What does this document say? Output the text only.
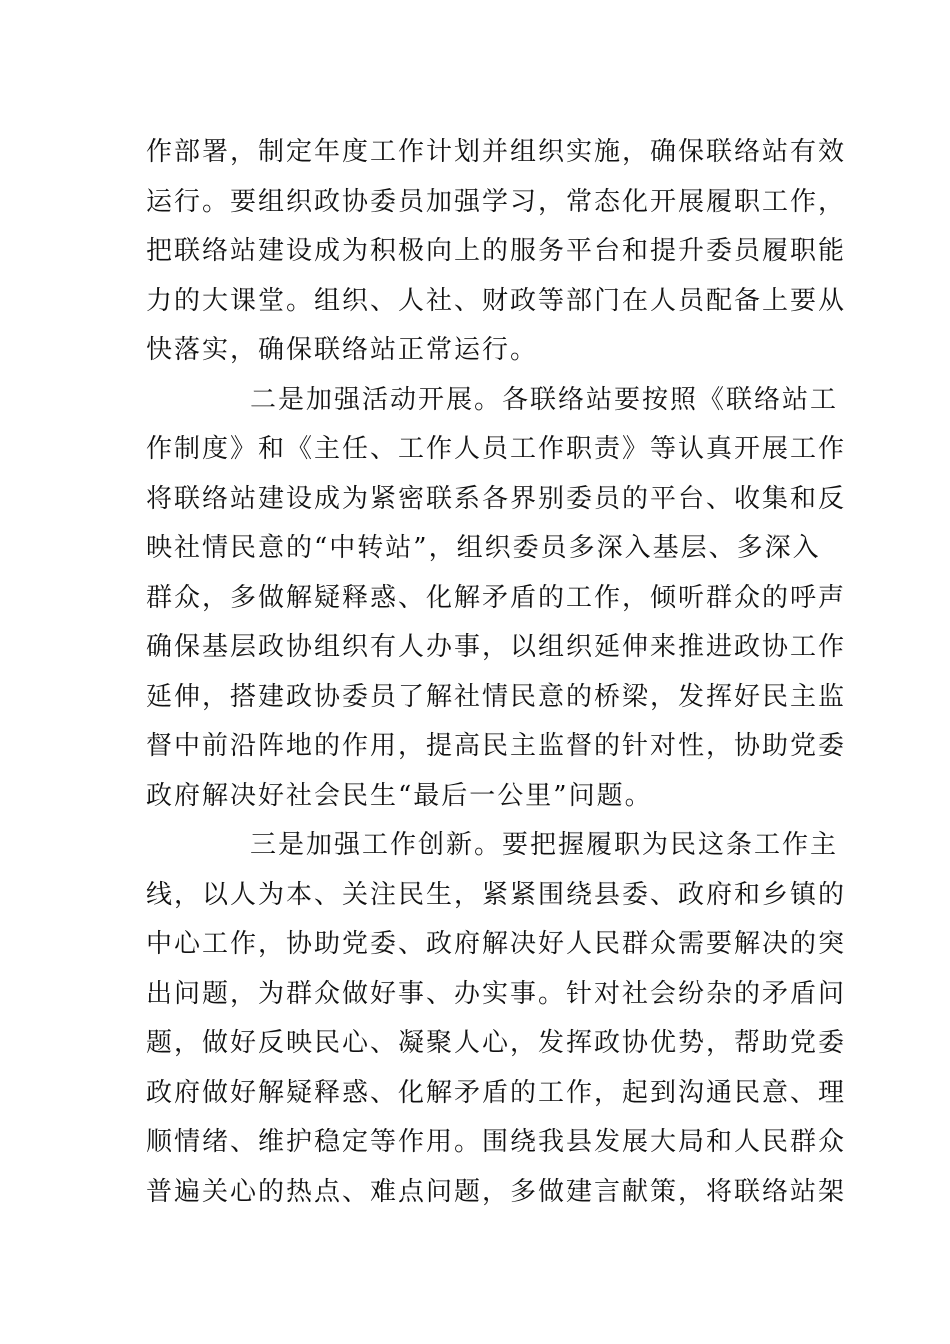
作部署，制定年度工作计划并组织实施，确保联络站有效
运行。要组织政协委员加强学习，常态化开展履职工作，
把联络站建设成为积极向上的服务平台和提升委员履职能
力的大课堂。组织、人社、财政等部门在人员配备上要从
快落实，确保联络站正常运行。
二是加强活动开展。各联络站要按照《联络站工
作制度》和《主任、工作人员工作职责》等认真开展工作
将联络站建设成为紧密联系各界别委员的平台、收集和反
映社情民意的“中转站”，组织委员多深入基层、多深入
群众，多做解疑释惑、化解矛盾的工作，倾听群众的呼声
确保基层政协组织有人办事，以组织延伸来推进政协工作
延伸，搭建政协委员了解社情民意的桥梁，发挥好民主监
督中前沿阵地的作用，提高民主监督的针对性，协助党委
政府解决好社会民生“最后一公里”问题。
三是加强工作创新。要把握履职为民这条工作主
线，以人为本、关注民生，紧紧围绕县委、政府和乡镇的
中心工作，协助党委、政府解决好人民群众需要解决的突
出问题，为群众做好事、办实事。针对社会纷杂的矛盾问
题，做好反映民心、凝聚人心，发挥政协优势，帮助党委
政府做好解疑释惑、化解矛盾的工作，起到沟通民意、理
顺情绪、维护稳定等作用。围绕我县发展大局和人民群众
普遍关心的热点、难点问题，多做建言献策，将联络站架
